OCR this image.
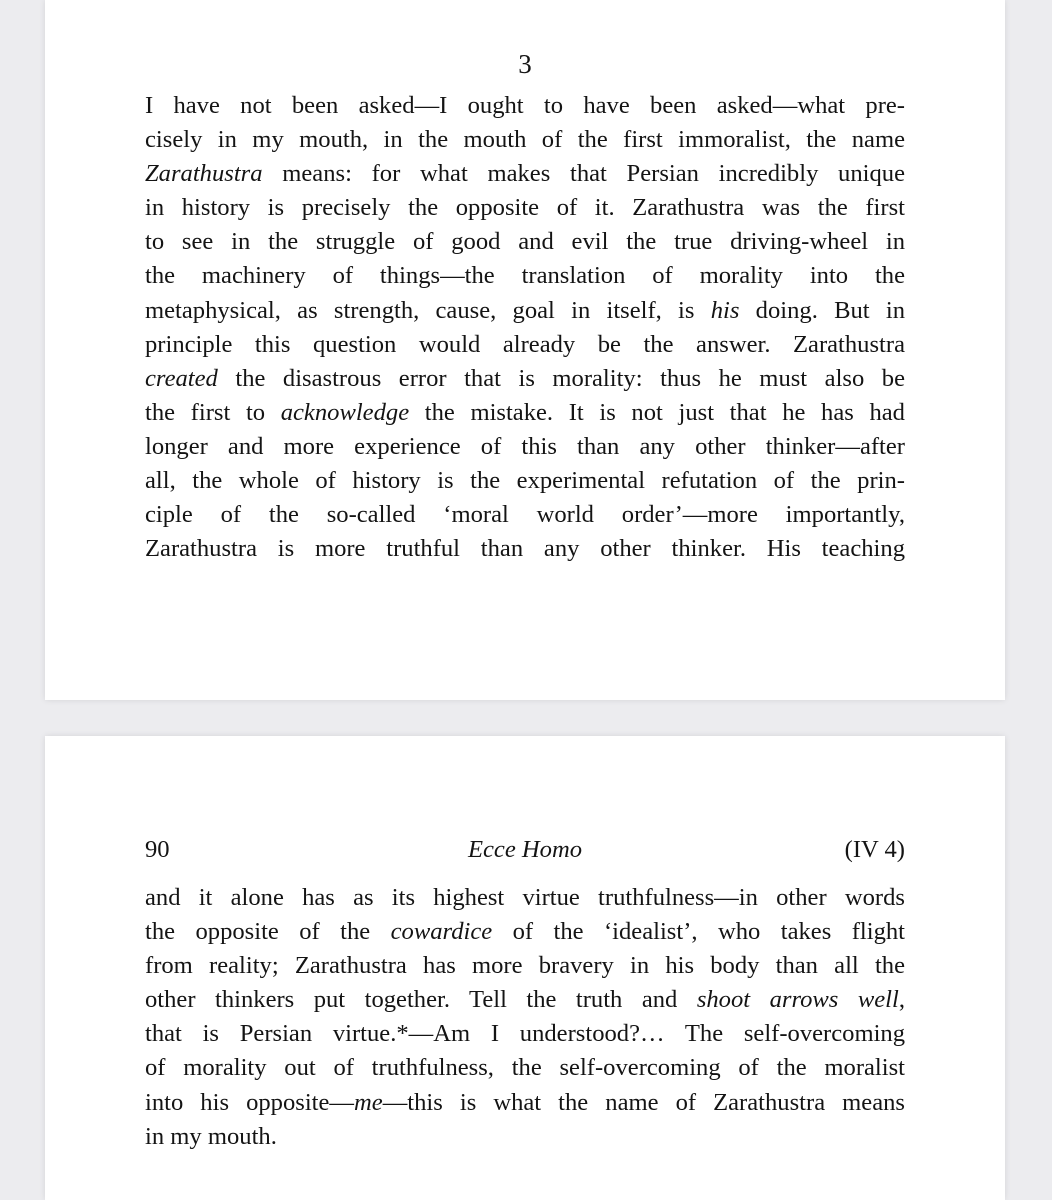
3
I have not been asked—I ought to have been asked—what pre-
cisely in my mouth, in the mouth of the first immoralist, the name
Zarathustra means: for what makes that Persian incredibly unique
in history is precisely the opposite of it. Zarathustra was the first
to see in the struggle of good and evil the true driving-wheel in
the machinery of things—the translation of morality into the
metaphysical, as strength, cause, goal in itself, is his doing. But in
principle this question would already be the answer. Zarathustra
created the disastrous error that is morality: thus he must also be
the first to acknowledge the mistake. It is not just that he has had
longer and more experience of this than any other thinker—after
all, the whole of history is the experimental refutation of the prin-
ciple of the so-called ‘moral world order’—more importantly,
Zarathustra is more truthful than any other thinker. His teaching
90	Ecce Homo	(IV 4)
and it alone has as its highest virtue truthfulness—in other words
the opposite of the cowardice of the ‘idealist’, who takes flight
from reality; Zarathustra has more bravery in his body than all the
other thinkers put together. Tell the truth and shoot arrows well,
that is Persian virtue.*—Am I understood?… The self-overcoming
of morality out of truthfulness, the self-overcoming of the moralist
into his opposite—me—this is what the name of Zarathustra means
in my mouth.
